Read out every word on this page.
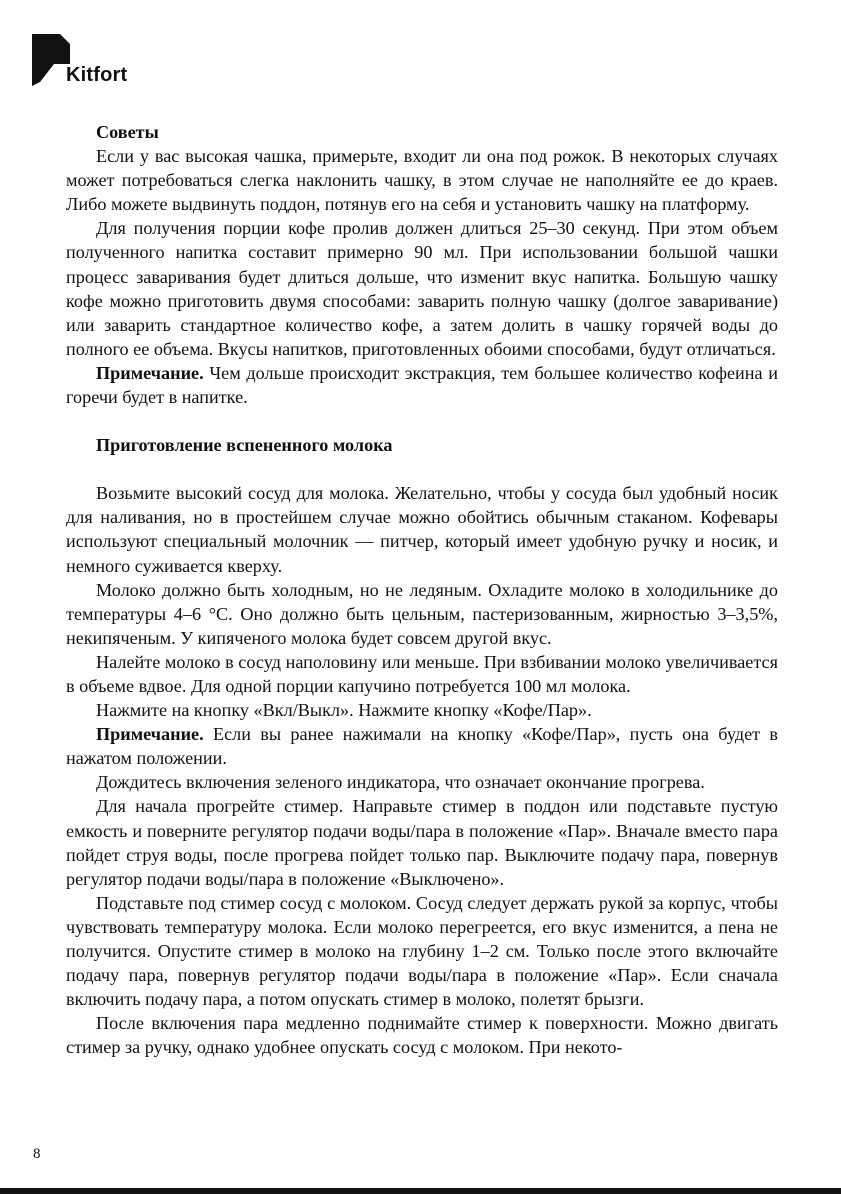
Kitfort

Советы

Если у вас высокая чашка, примерьте, входит ли она под рожок. В некоторых случаях может потребоваться слегка наклонить чашку, в этом случае не наполняйте ее до краев. Либо можете выдвинуть поддон, потянув его на себя и установить чашку на платформу.

Для получения порции кофе пролив должен длиться 25–30 секунд. При этом объем полученного напитка составит примерно 90 мл. При использовании большой чашки процесс заваривания будет длиться дольше, что изменит вкус напитка. Большую чашку кофе можно приготовить двумя способами: заварить полную чашку (долгое заваривание) или заварить стандартное количество кофе, а затем долить в чашку горячей воды до полного ее объема. Вкусы напитков, приготовленных обоими способами, будут отличаться.

Примечание. Чем дольше происходит экстракция, тем большее количество кофеина и горечи будет в напитке.

Приготовление вспененного молока

Возьмите высокий сосуд для молока. Желательно, чтобы у сосуда был удобный носик для наливания, но в простейшем случае можно обойтись обычным стаканом. Кофевары используют специальный молочник — питчер, который имеет удобную ручку и носик, и немного суживается кверху.

Молоко должно быть холодным, но не ледяным. Охладите молоко в холодильнике до температуры 4–6 °С. Оно должно быть цельным, пастеризованным, жирностью 3–3,5%, некипяченым. У кипяченого молока будет совсем другой вкус.

Налейте молоко в сосуд наполовину или меньше. При взбивании молоко увеличивается в объеме вдвое. Для одной порции капучино потребуется 100 мл молока.

Нажмите на кнопку «Вкл/Выкл». Нажмите кнопку «Кофе/Пар».

Примечание. Если вы ранее нажимали на кнопку «Кофе/Пар», пусть она будет в нажатом положении.

Дождитесь включения зеленого индикатора, что означает окончание прогрева.

Для начала прогрейте стимер. Направьте стимер в поддон или подставьте пустую емкость и поверните регулятор подачи воды/пара в положение «Пар». Вначале вместо пара пойдет струя воды, после прогрева пойдет только пар. Выключите подачу пара, повернув регулятор подачи воды/пара в положение «Выключено».

Подставьте под стимер сосуд с молоком. Сосуд следует держать рукой за корпус, чтобы чувствовать температуру молока. Если молоко перегреется, его вкус изменится, а пена не получится. Опустите стимер в молоко на глубину 1–2 см. Только после этого включайте подачу пара, повернув регулятор подачи воды/пара в положение «Пар». Если сначала включить подачу пара, а потом опускать стимер в молоко, полетят брызги.

После включения пара медленно поднимайте стимер к поверхности. Можно двигать стимер за ручку, однако удобнее опускать сосуд с молоком. При некото-

8
